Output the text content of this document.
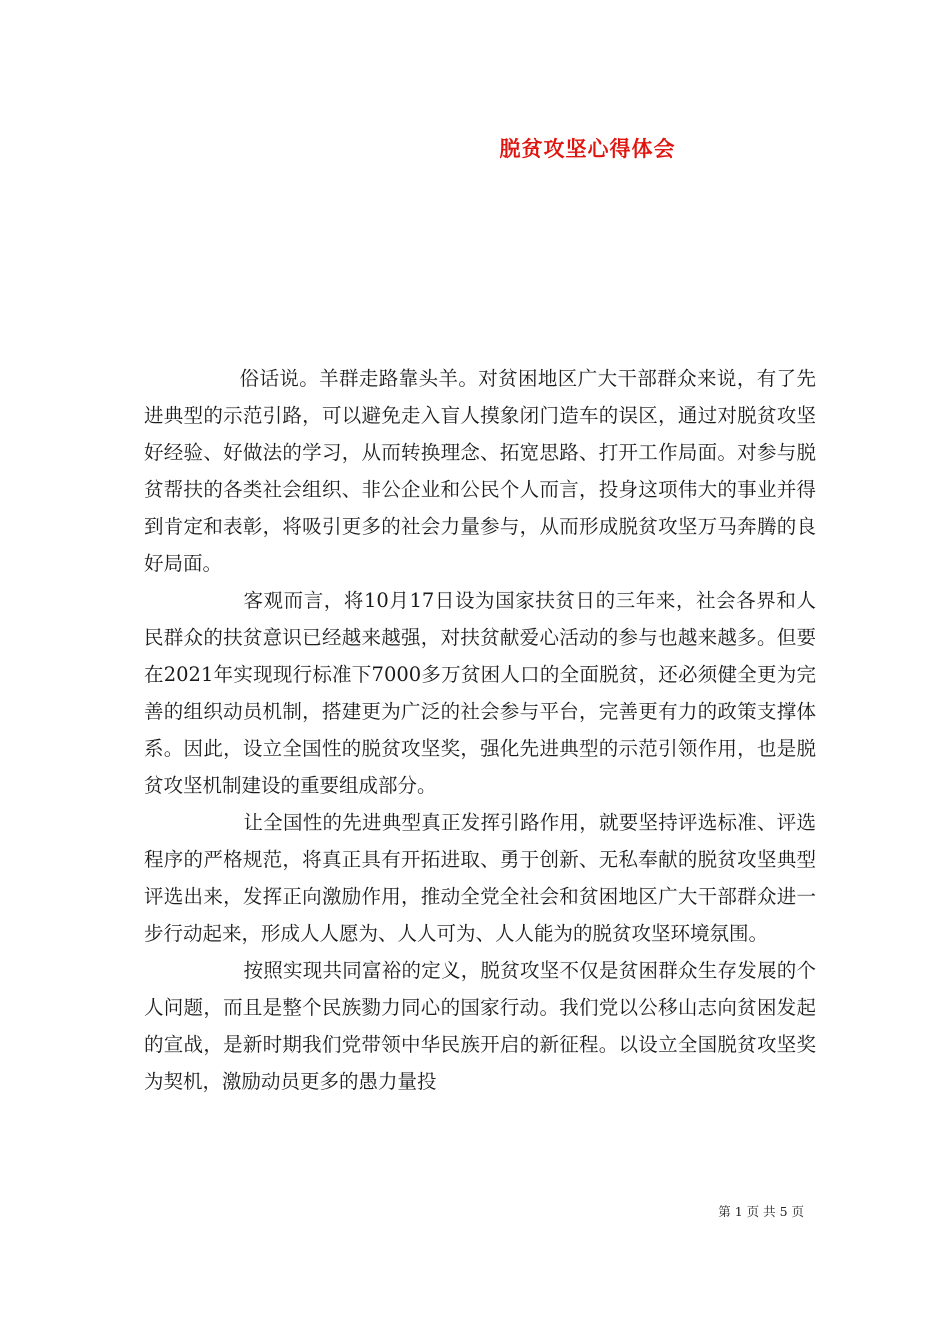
脱贫攻坚心得体会

俗话说。羊群走路靠头羊。对贫困地区广大干部群众来说，有了先进典型的示范引路，可以避免走入盲人摸象闭门造车的误区，通过对脱贫攻坚好经验、好做法的学习，从而转换理念、拓宽思路、打开工作局面。对参与脱贫帮扶的各类社会组织、非公企业和公民个人而言，投身这项伟大的事业并得到肯定和表彰，将吸引更多的社会力量参与，从而形成脱贫攻坚万马奔腾的良好局面。

客观而言，将10月17日设为国家扶贫日的三年来，社会各界和人民群众的扶贫意识已经越来越强，对扶贫献爱心活动的参与也越来越多。但要在2021年实现现行标准下7000多万贫困人口的全面脱贫，还必须健全更为完善的组织动员机制，搭建更为广泛的社会参与平台，完善更有力的政策支撑体系。因此，设立全国性的脱贫攻坚奖，强化先进典型的示范引领作用，也是脱贫攻坚机制建设的重要组成部分。

让全国性的先进典型真正发挥引路作用，就要坚持评选标准、评选程序的严格规范，将真正具有开拓进取、勇于创新、无私奉献的脱贫攻坚典型评选出来，发挥正向激励作用，推动全党全社会和贫困地区广大干部群众进一步行动起来，形成人人愿为、人人可为、人人能为的脱贫攻坚环境氛围。

按照实现共同富裕的定义，脱贫攻坚不仅是贫困群众生存发展的个人问题，而且是整个民族勠力同心的国家行动。我们党以公移山志向贫困发起的宣战，是新时期我们党带领中华民族开启的新征程。以设立全国脱贫攻坚奖为契机，激励动员更多的愚力量投

第 1 页 共 5 页
